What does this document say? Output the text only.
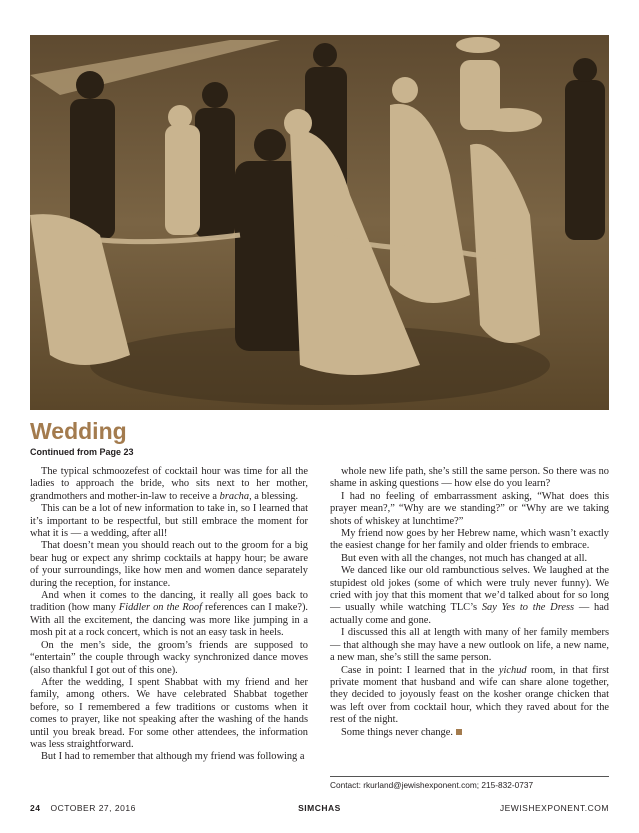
Wedding
Continued from Page 23

The typical schmoozefest of cocktail hour was time for all the ladies to approach the bride, who sits next to her mother, grandmothers and mother-in-law to receive a bracha, a blessing.

This can be a lot of new information to take in, so I learned that it’s important to be respectful, but still embrace the moment for what it is — a wedding, after all!

That doesn’t mean you should reach out to the groom for a big bear hug or expect any shrimp cocktails at happy hour; be aware of your surroundings, like how men and women dance separately during the reception, for instance.

And when it comes to the dancing, it really all goes back to tradition (how many Fiddler on the Roof references can I make?). With all the excitement, the dancing was more like jumping in a mosh pit at a rock concert, which is not an easy task in heels.

On the men’s side, the groom’s friends are supposed to “entertain” the couple through wacky synchronized dance moves (also thankful I got out of this one).

After the wedding, I spent Shabbat with my friend and her family, among others. We have celebrated Shabbat together before, so I remembered a few traditions or customs when it comes to prayer, like not speaking after the washing of the hands until you break bread. For some other attendees, the information was less straightforward.

But I had to remember that although my friend was following a

whole new life path, she’s still the same person. So there was no shame in asking questions — how else do you learn?

I had no feeling of embarrassment asking, “What does this prayer mean?,” “Why are we standing?” or “Why are we taking shots of whiskey at lunchtime?”

My friend now goes by her Hebrew name, which wasn’t exactly the easiest change for her family and older friends to embrace.

But even with all the changes, not much has changed at all.

We danced like our old rambunctious selves. We laughed at the stupidest old jokes (some of which were truly never funny). We cried with joy that this moment that we’d talked about for so long — usually while watching TLC’s Say Yes to the Dress — had actually come and gone.

I discussed this all at length with many of her family members — that although she may have a new outlook on life, a new name, a new man, she’s still the same person.

Case in point: I learned that in the yichud room, in that first private moment that husband and wife can share alone together, they decided to joyously feast on the kosher orange chicken that was left over from cocktail hour, which they raved about for the rest of the night.

Some things never change.

Contact: rkurland@jewishexponent.com; 215-832-0737
24 OCTOBER 27, 2016	SIMCHAS	JEWISHEXPONENT.COM
